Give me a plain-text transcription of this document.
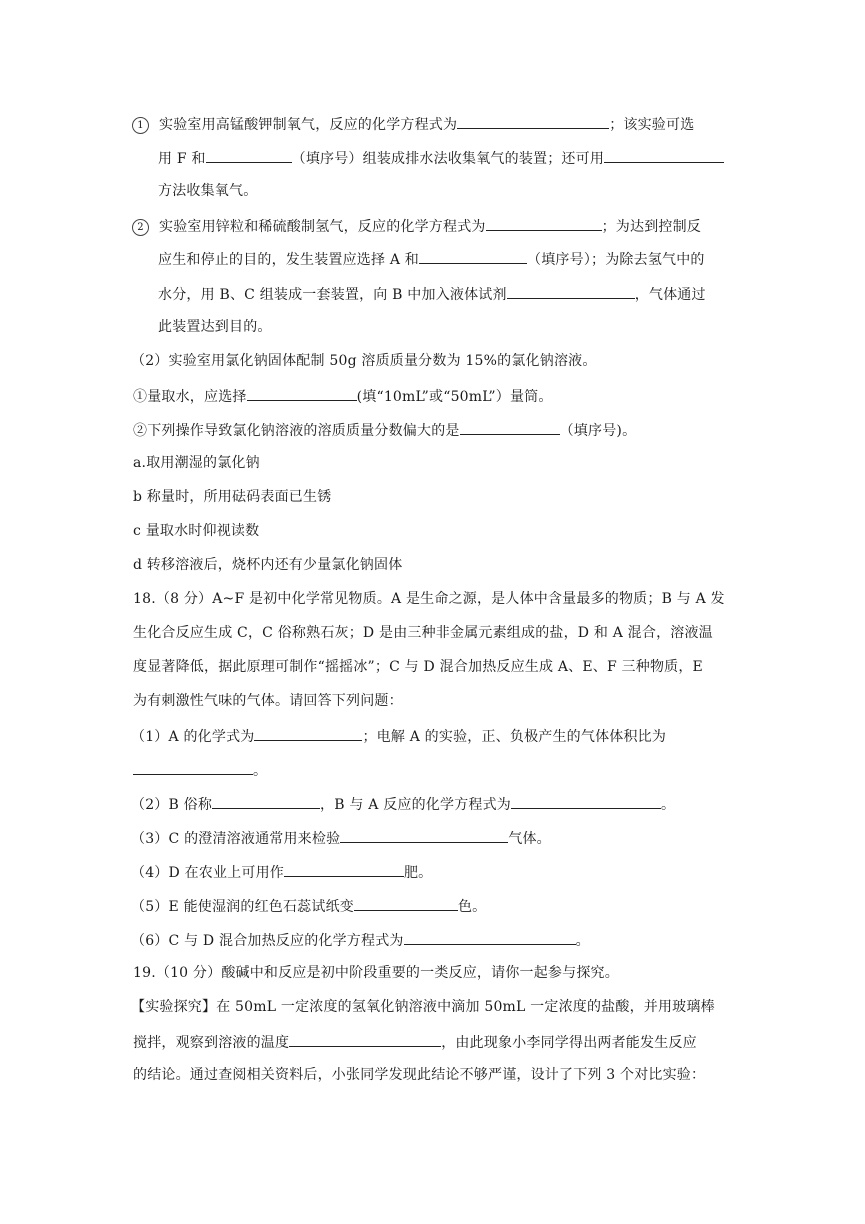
1 实验室用高锰酸钾制氧气，反应的化学方程式为	；该实验可选
用 F 和	（填序号）组装成排水法收集氧气的装置；还可用
方法收集氧气。
2 实验室用锌粒和稀硫酸制氢气，反应的化学方程式为	；为达到控制反
应生和停止的目的，发生装置应选择 A 和	（填序号）；为除去氢气中的
水分，用 B、C 组装成一套装置，向 B 中加入液体试剂	，气体通过
此装置达到目的。
（2）实验室用氯化钠固体配制 50g 溶质质量分数为 15%的氯化钠溶液。
①量取水，应选择	(填“10mL”或“50mL”）量筒。
②下列操作导致氯化钠溶液的溶质质量分数偏大的是	（填序号)。
a.取用潮湿的氯化钠
b 称量时，所用砝码表面已生锈
c 量取水时仰视读数
d 转移溶液后，烧杯内还有少量氯化钠固体
18.（8 分）A~F 是初中化学常见物质。A 是生命之源，是人体中含量最多的物质；B 与 A 发
生化合反应生成 C，C 俗称熟石灰；D 是由三种非金属元素组成的盐，D 和 A 混合，溶液温
度显著降低，据此原理可制作“摇摇冰”；C 与 D 混合加热反应生成 A、E、F 三种物质，E
为有刺激性气味的气体。请回答下列问题：
（1）A 的化学式为	；电解 A 的实验，正、负极产生的气体体积比为
。
（2）B 俗称	，B 与 A 反应的化学方程式为	。
（3）C 的澄清溶液通常用来检验	气体。
（4）D 在农业上可用作	肥。
（5）E 能使湿润的红色石蕊试纸变	色。
（6）C 与 D 混合加热反应的化学方程式为	。
19.（10 分）酸碱中和反应是初中阶段重要的一类反应，请你一起参与探究。
【实验探究】在 50mL 一定浓度的氢氧化钠溶液中滴加 50mL 一定浓度的盐酸，并用玻璃棒
搅拌，观察到溶液的温度	，由此现象小李同学得出两者能发生反应
的结论。通过查阅相关资料后，小张同学发现此结论不够严谨，设计了下列 3 个对比实验：
